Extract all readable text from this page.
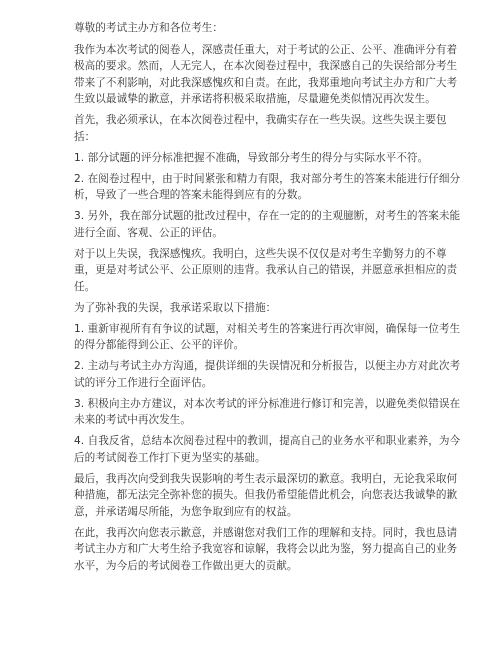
尊敬的考试主办方和各位考生：

我作为本次考试的阅卷人，深感责任重大，对于考试的公正、公平、准确评分有着极高的要求。然而，人无完人，在本次阅卷过程中，我深感自己的失误给部分考生带来了不利影响，对此我深感愧疚和自责。在此，我郑重地向考试主办方和广大考生致以最诚挚的歉意，并承诺将积极采取措施，尽量避免类似情况再次发生。

首先，我必须承认，在本次阅卷过程中，我确实存在一些失误。这些失误主要包括：

1. 部分试题的评分标准把握不准确，导致部分考生的得分与实际水平不符。

2. 在阅卷过程中，由于时间紧张和精力有限，我对部分考生的答案未能进行仔细分析，导致了一些合理的答案未能得到应有的分数。

3. 另外，我在部分试题的批改过程中，存在一定的的主观臆断，对考生的答案未能进行全面、客观、公正的评估。

对于以上失误，我深感愧疚。我明白，这些失误不仅仅是对考生辛勤努力的不尊重，更是对考试公平、公正原则的违背。我承认自己的错误，并愿意承担相应的责任。

为了弥补我的失误，我承诺采取以下措施：

1. 重新审视所有有争议的试题，对相关考生的答案进行再次审阅，确保每一位考生的得分都能得到公正、公平的评价。

2. 主动与考试主办方沟通，提供详细的失误情况和分析报告，以便主办方对此次考试的评分工作进行全面评估。

3. 积极向主办方建议，对本次考试的评分标准进行修订和完善，以避免类似错误在未来的考试中再次发生。

4. 自我反省，总结本次阅卷过程中的教训，提高自己的业务水平和职业素养，为今后的考试阅卷工作打下更为坚实的基础。

最后，我再次向受到我失误影响的考生表示最深切的歉意。我明白，无论我采取何种措施，都无法完全弥补您的损失。但我仍希望能借此机会，向您表达我诚挚的歉意，并承诺竭尽所能，为您争取到应有的权益。

在此，我再次向您表示歉意，并感谢您对我们工作的理解和支持。同时，我也恳请考试主办方和广大考生给予我宽容和谅解，我将会以此为鉴，努力提高自己的业务水平，为今后的考试阅卷工作做出更大的贡献。
